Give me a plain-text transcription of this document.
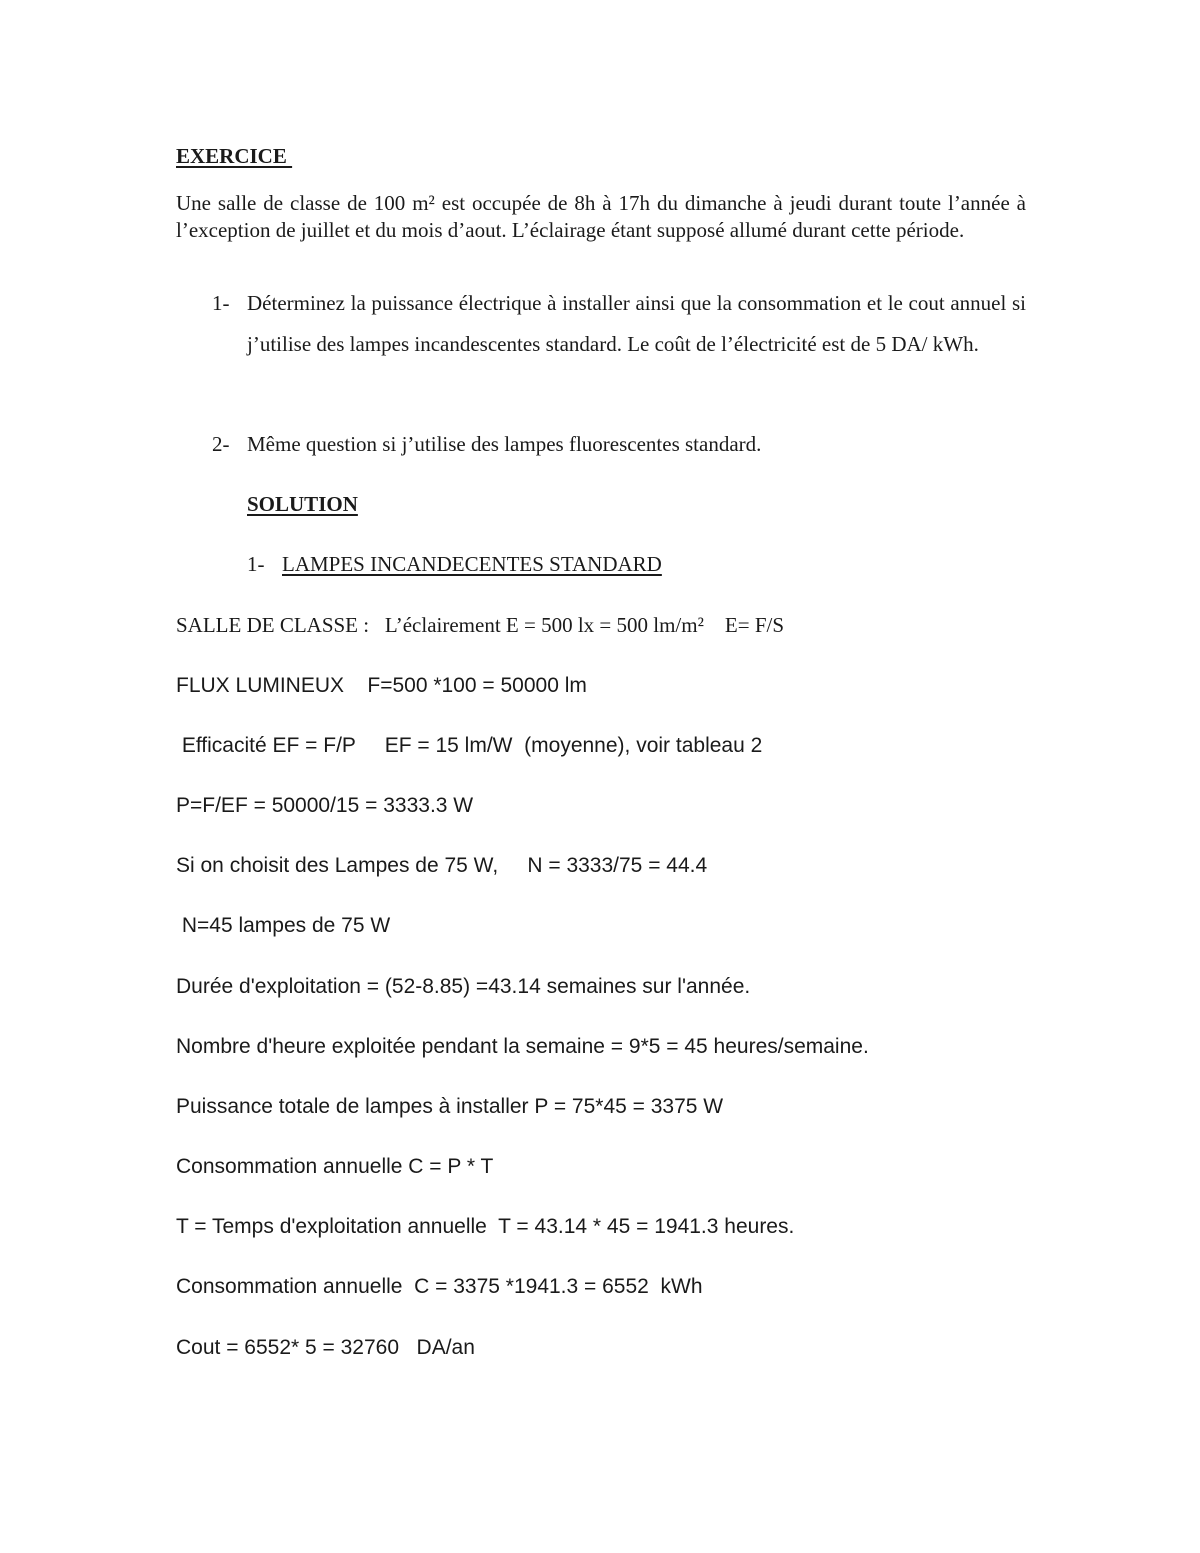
EXERCICE
Une salle de classe de 100 m² est occupée de 8h à 17h du dimanche à jeudi durant toute l’année à l’exception de juillet et du mois d’aout. L’éclairage étant supposé allumé durant cette période.
1- Déterminez la puissance électrique à installer ainsi que la consommation et le cout annuel si j’utilise des lampes incandescentes standard. Le coût de l’électricité est de 5 DA/ kWh.
2- Même question si j’utilise des lampes fluorescentes standard.
SOLUTION
1- LAMPES INCANDECENTES STANDARD
SALLE DE CLASSE :   L’éclairement E = 500 lx = 500 lm/m²    E= F/S
FLUX LUMINEUX    F=500 *100 = 50000 lm
Efficacité EF = F/P     EF = 15 lm/W  (moyenne), voir tableau 2
P=F/EF = 50000/15 = 3333.3 W
Si on choisit des Lampes de 75 W,     N = 3333/75 = 44.4
N=45 lampes de 75 W
Durée d'exploitation = (52-8.85) =43.14 semaines sur l'année.
Nombre d'heure exploitée pendant la semaine = 9*5 = 45 heures/semaine.
Puissance totale de lampes à installer P = 75*45 = 3375 W
Consommation annuelle C = P * T
T = Temps d'exploitation annuelle  T = 43.14 * 45 = 1941.3 heures.
Consommation annuelle  C = 3375 *1941.3 = 6552  kWh
Cout = 6552* 5 = 32760   DA/an
